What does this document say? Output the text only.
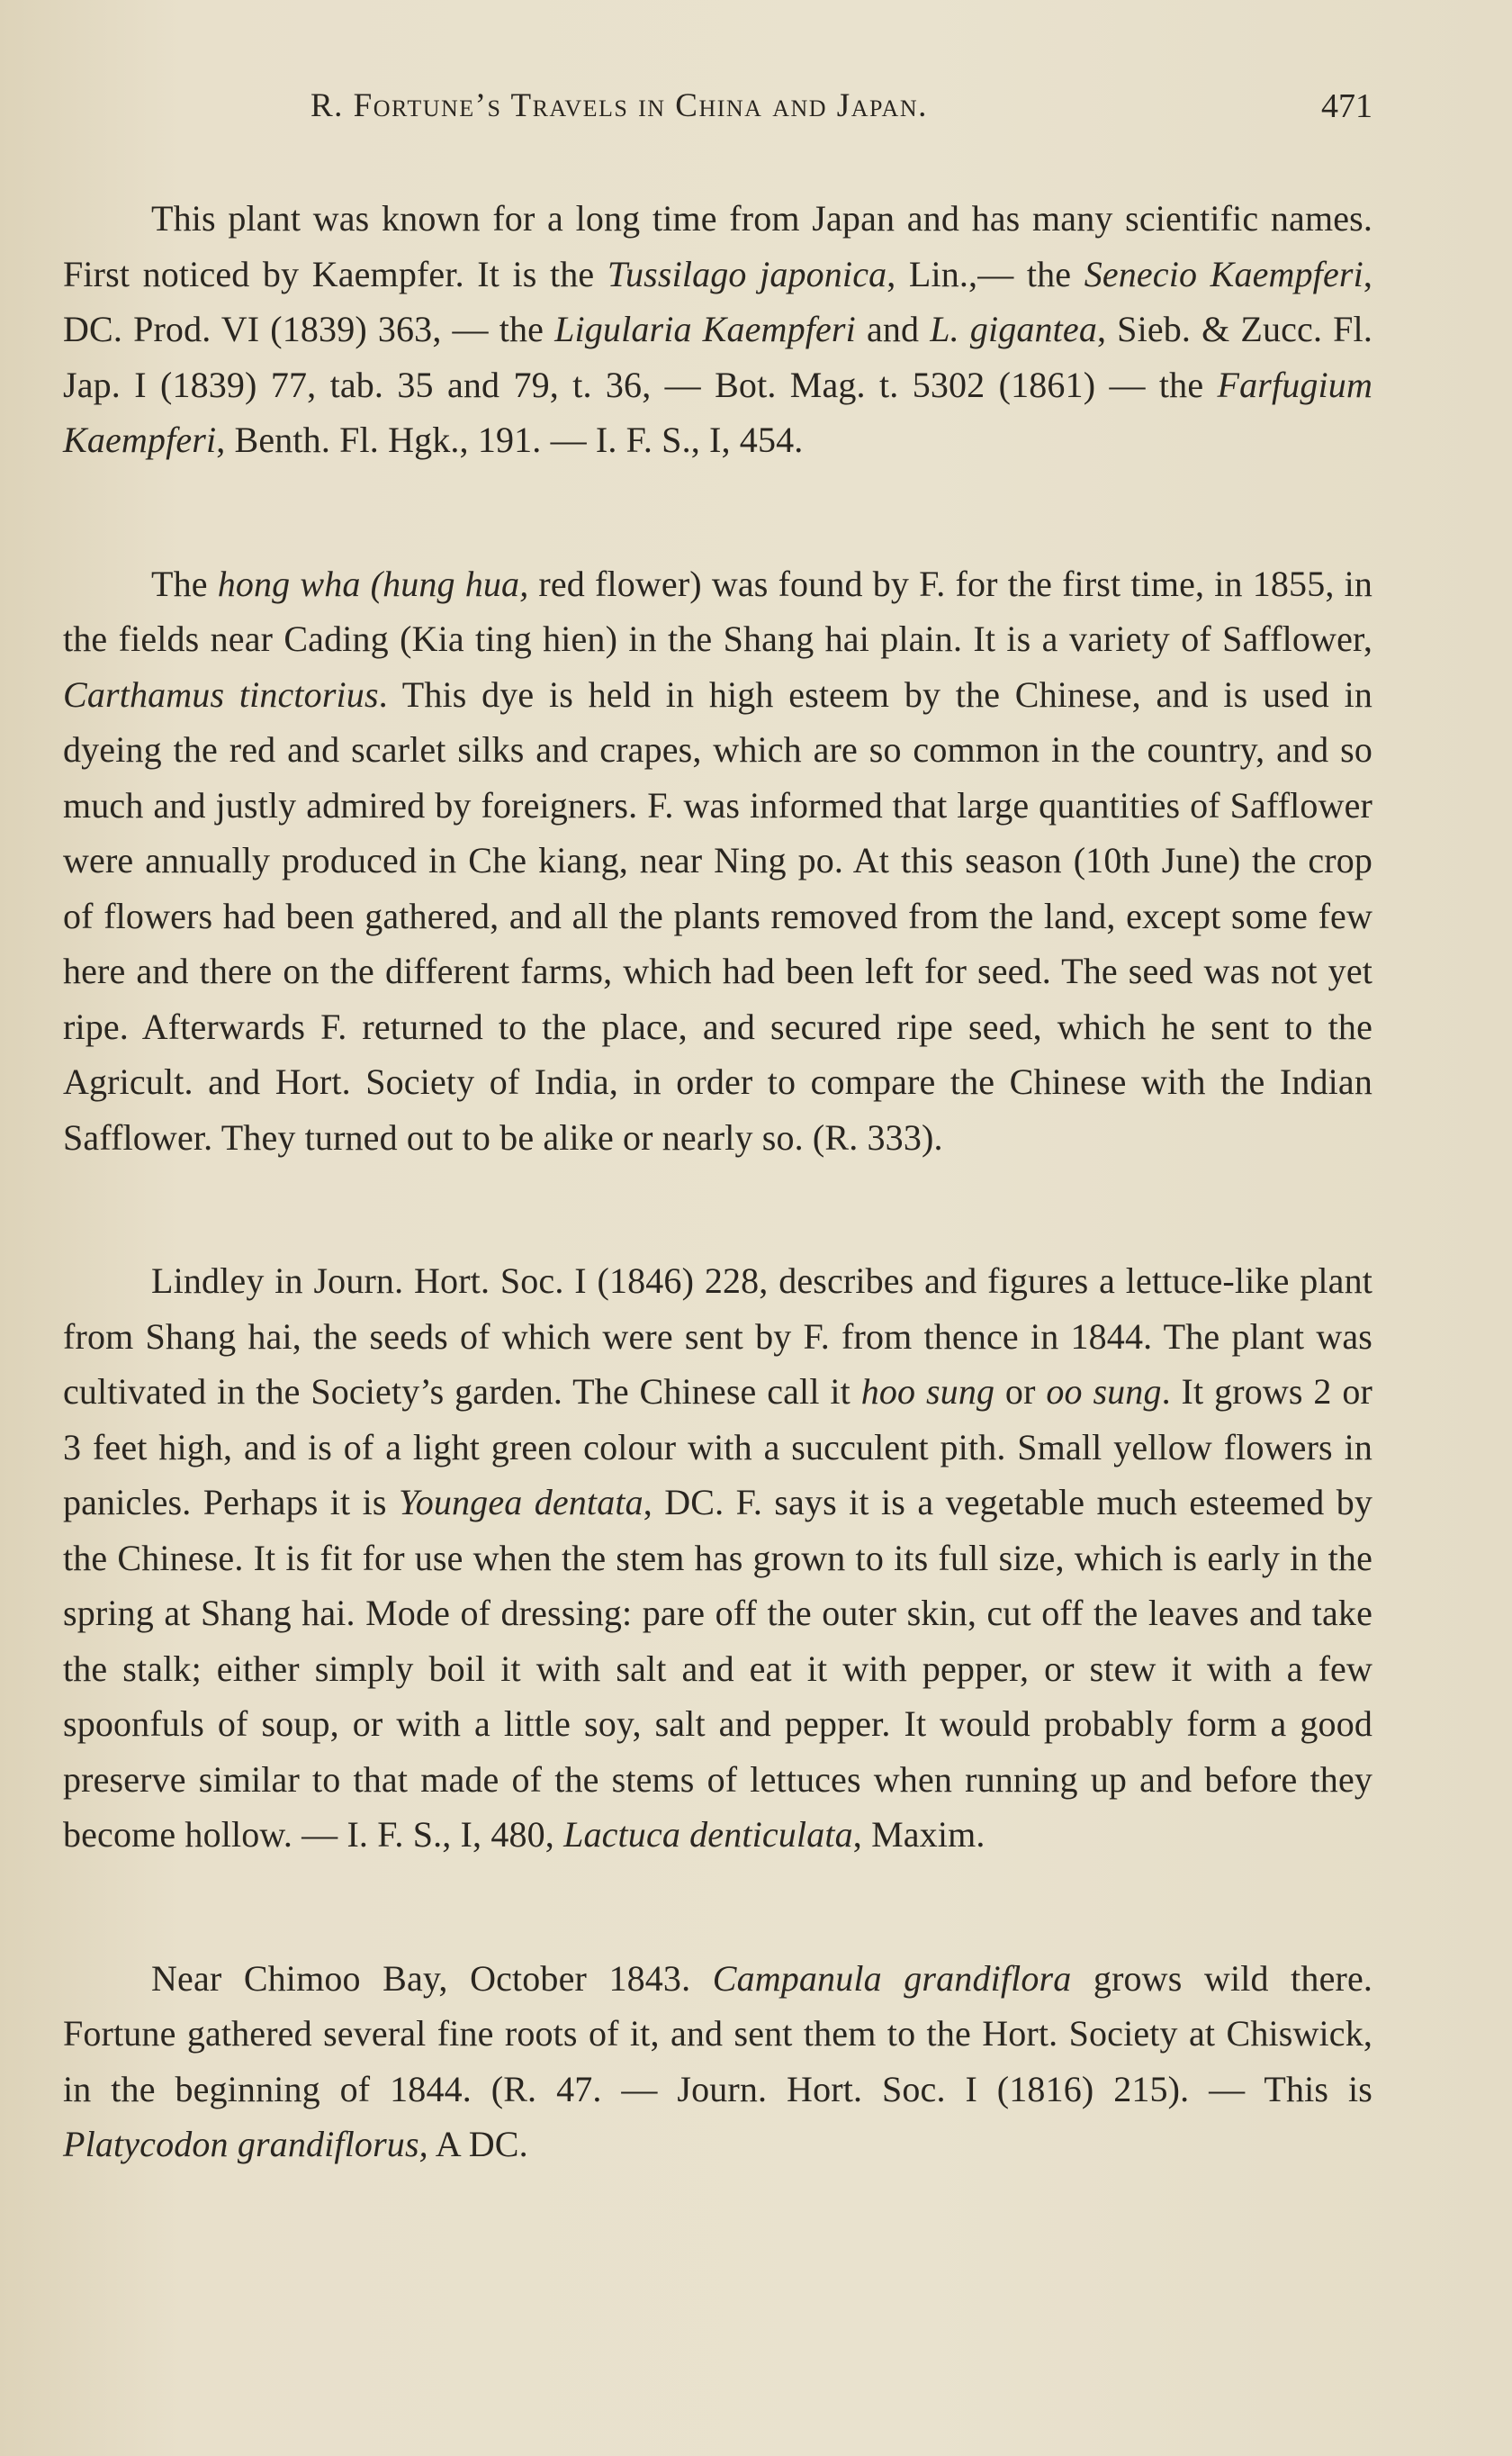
R. Fortune’s Travels in China and Japan.	471

This plant was known for a long time from Japan and has many scientific names. First noticed by Kaempfer. It is the Tussilago japonica, Lin.,— the Senecio Kaempferi, DC. Prod. VI (1839) 363, — the Ligularia Kaempferi and L. gigantea, Sieb. & Zucc. Fl. Jap. I (1839) 77, tab. 35 and 79, t. 36, — Bot. Mag. t. 5302 (1861) — the Farfugium Kaempferi, Benth. Fl. Hgk., 191. — I. F. S., I, 454.

The hong wha (hung hua, red flower) was found by F. for the first time, in 1855, in the fields near Cading (Kia ting hien) in the Shang hai plain. It is a variety of Safflower, Carthamus tinctorius. This dye is held in high esteem by the Chinese, and is used in dyeing the red and scarlet silks and crapes, which are so common in the country, and so much and justly admired by foreigners. F. was informed that large quantities of Safflower were annually produced in Che kiang, near Ning po. At this season (10th June) the crop of flowers had been gathered, and all the plants removed from the land, except some few here and there on the different farms, which had been left for seed. The seed was not yet ripe. Afterwards F. returned to the place, and secured ripe seed, which he sent to the Agricult. and Hort. Society of India, in order to compare the Chinese with the Indian Safflower. They turned out to be alike or nearly so. (R. 333).

Lindley in Journ. Hort. Soc. I (1846) 228, describes and figures a lettuce-like plant from Shang hai, the seeds of which were sent by F. from thence in 1844. The plant was cultivated in the Society’s garden. The Chinese call it hoo sung or oo sung. It grows 2 or 3 feet high, and is of a light green colour with a succulent pith. Small yellow flowers in panicles. Perhaps it is Youngea dentata, DC. F. says it is a vegetable much esteemed by the Chinese. It is fit for use when the stem has grown to its full size, which is early in the spring at Shang hai. Mode of dressing: pare off the outer skin, cut off the leaves and take the stalk; either simply boil it with salt and eat it with pepper, or stew it with a few spoonfuls of soup, or with a little soy, salt and pepper. It would probably form a good preserve similar to that made of the stems of lettuces when running up and before they become hollow. — I. F. S., I, 480, Lactuca denticulata, Maxim.

Near Chimoo Bay, October 1843. Campanula grandiflora grows wild there. Fortune gathered several fine roots of it, and sent them to the Hort. Society at Chiswick, in the beginning of 1844. (R. 47. — Journ. Hort. Soc. I (1816) 215). — This is Platycodon grandiflorus, A DC.
